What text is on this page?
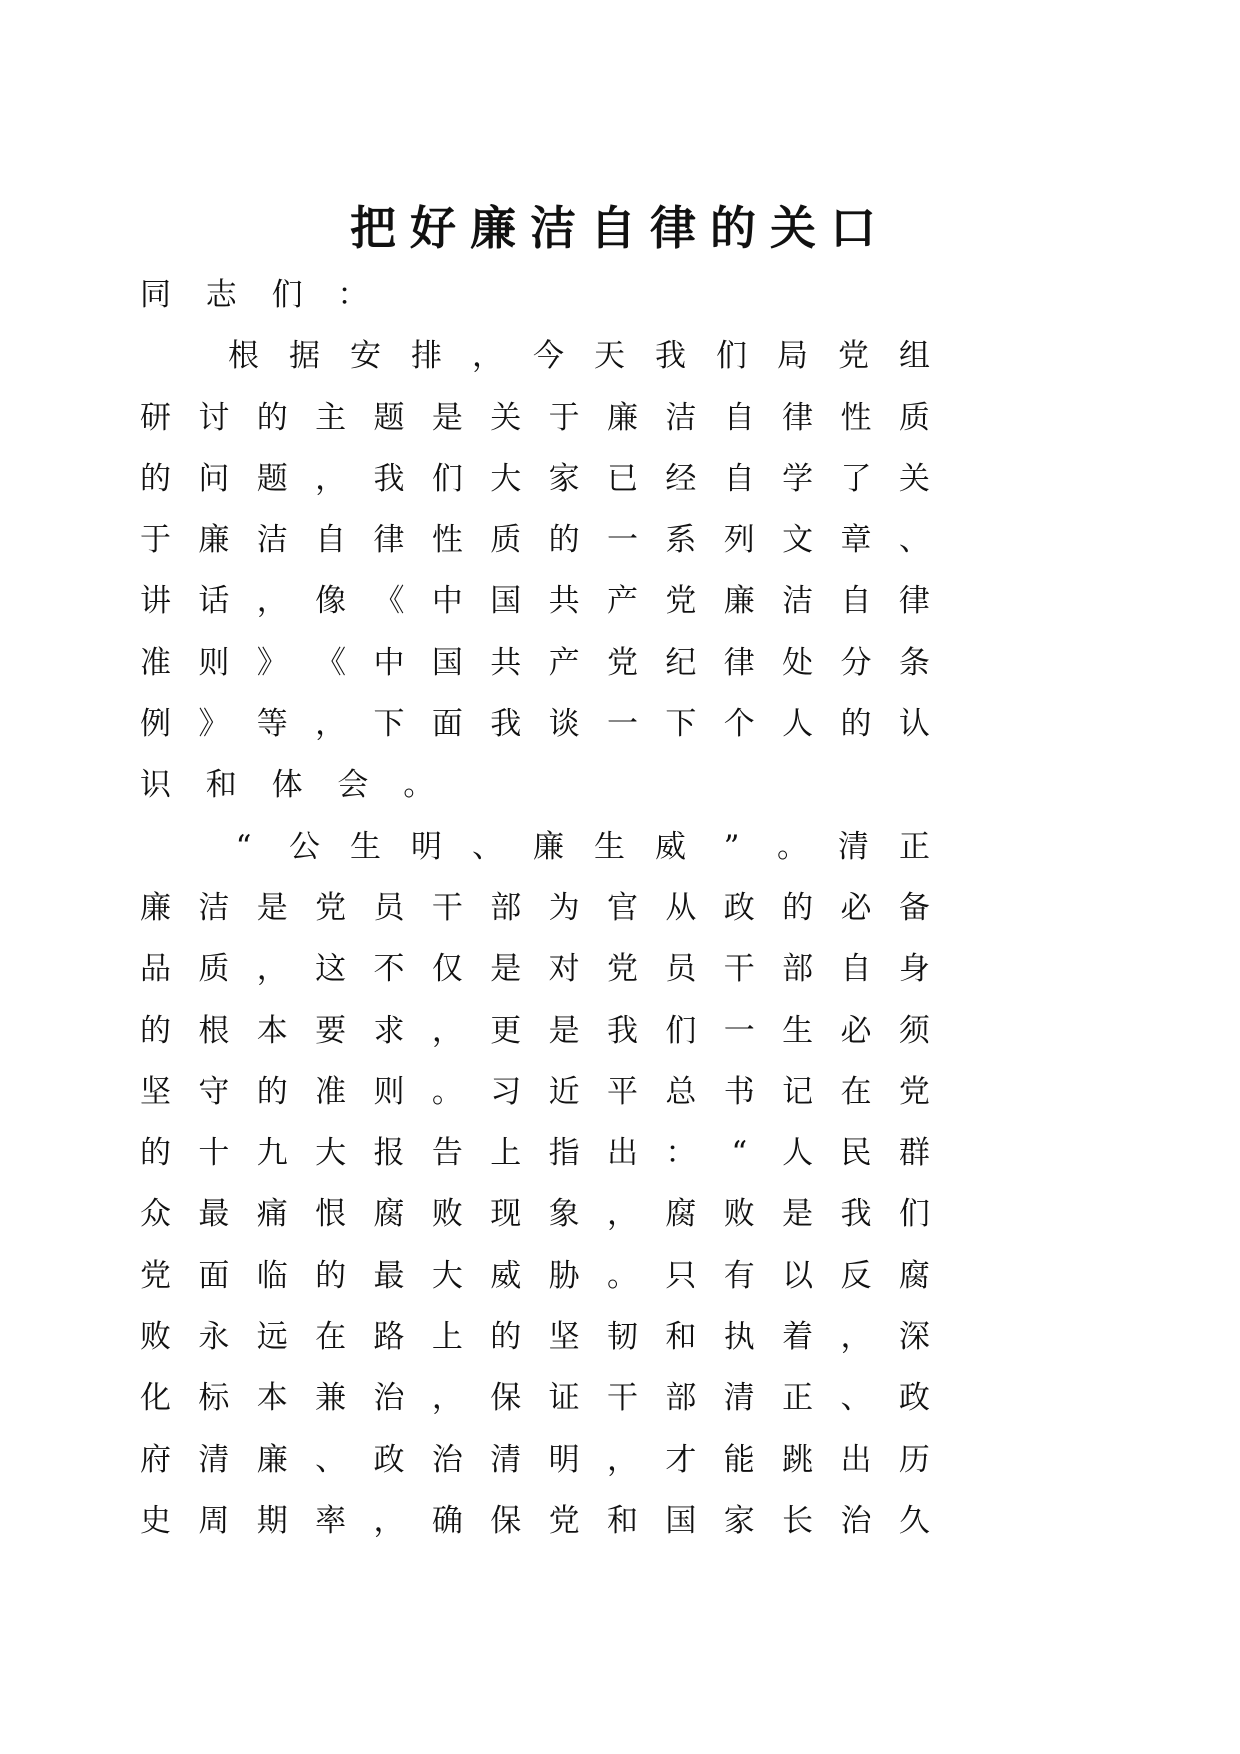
把好廉洁自律的关口
同	志	们	：
根 据 安 排 ， 今 天 我 们 局 党 组
研 讨 的 主 题 是 关 于 廉 洁 自 律 性 质
的 问 题 ， 我 们 大 家 已 经 自 学 了 关
于 廉 洁 自 律 性 质 的 一 系 列 文 章 、
讲 话 ， 像 《 中 国 共 产 党 廉 洁 自 律
准 则 》 《 中 国 共 产 党 纪 律 处 分 条
例 》 等 ， 下 面 我 谈 一 下 个 人 的 认
识	和	体	会	。
“ 公 生 明 、 廉 生 威 ” 。 清 正
廉 洁 是 党 员 干 部 为 官 从 政 的 必 备
品 质 ， 这 不 仅 是 对 党 员 干 部 自 身
的 根 本 要 求 ， 更 是 我 们 一 生 必 须
坚 守 的 准 则 。 习 近 平 总 书 记 在 党
的 十 九 大 报 告 上 指 出 ： “ 人 民 群
众 最 痛 恨 腐 败 现 象 ， 腐 败 是 我 们
党 面 临 的 最 大 威 胁 。 只 有 以 反 腐
败 永 远 在 路 上 的 坚 韧 和 执 着 ， 深
化 标 本 兼 治 ， 保 证 干 部 清 正 、 政
府 清 廉 、 政 治 清 明 ， 才 能 跳 出 历
史 周 期 率 ， 确 保 党 和 国 家 长 治 久
